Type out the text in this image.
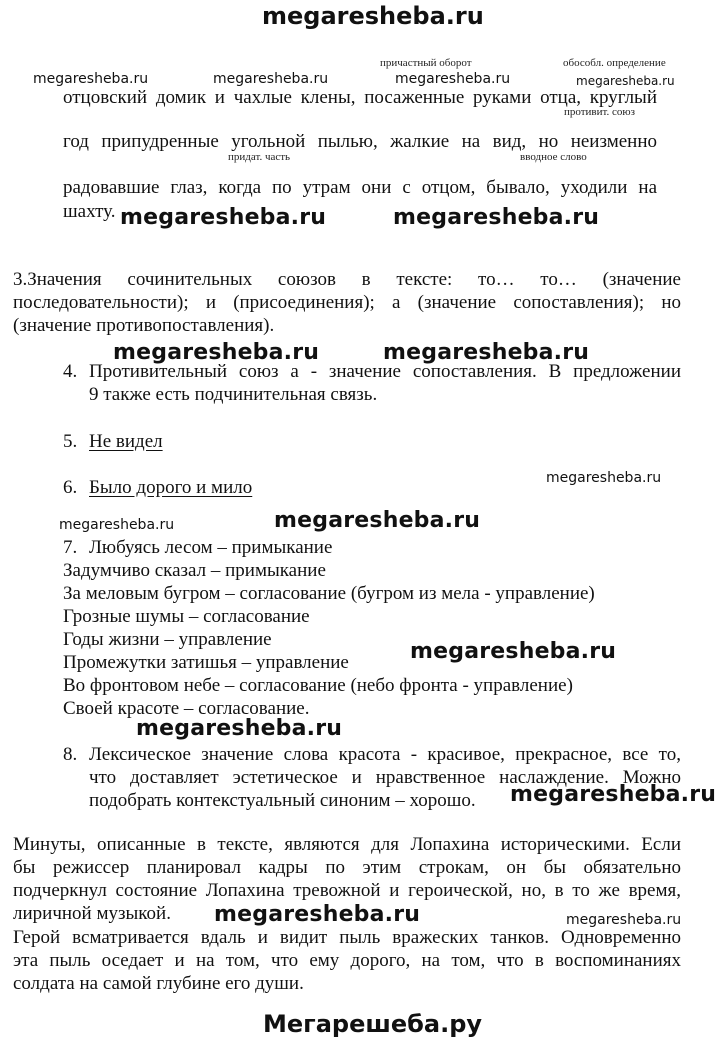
megaresheba.ru
причастный оборот	обособл. определение
megaresheba.ru	megaresheba.ru	megaresheba.ru	megaresheba.ru
отцовский домик и чахлые клены, посаженные руками отца, круглый
противит. союз
год припудренные угольной пылью, жалкие на вид, но неизменно
придат. часть	вводное слово
радовавшие глаз, когда по утрам они с отцом, бывало, уходили на
шахту. megaresheba.ru	megaresheba.ru
3.Значения сочинительных союзов в тексте: то… то… (значение
последовательности); и (присоединения); а (значение сопоставления); но
(значение противопоставления).
megaresheba.ru	megaresheba.ru
4. Противительный союз а - значение сопоставления. В предложении
9 также есть подчинительная связь.
5. Не видел
megaresheba.ru
6. Было дорого и мило
megaresheba.ru	megaresheba.ru
7. Любуясь лесом – примыкание
Задумчиво сказал – примыкание
За меловым бугром – согласование (бугром из мела - управление)
Грозные шумы – согласование
Годы жизни – управление	megaresheba.ru
Промежутки затишья – управление
Во фронтовом небе – согласование (небо фронта - управление)
Своей красоте – согласование.
megaresheba.ru
8. Лексическое значение слова красота - красивое, прекрасное, все то,
что доставляет эстетическое и нравственное наслаждение. Можно
подобрать контекстуальный синоним – хорошо. megaresheba.ru
Минуты, описанные в тексте, являются для Лопахина историческими. Если
бы режиссер планировал кадры по этим строкам, он бы обязательно
подчеркнул состояние Лопахина тревожной и героической, но, в то же время,
лиричной музыкой. megaresheba.ru	megaresheba.ru
Герой всматривается вдаль и видит пыль вражеских танков. Одновременно
эта пыль оседает и на том, что ему дорого, на том, что в воспоминаниях
солдата на самой глубине его души.
Мегарешеба.ру
